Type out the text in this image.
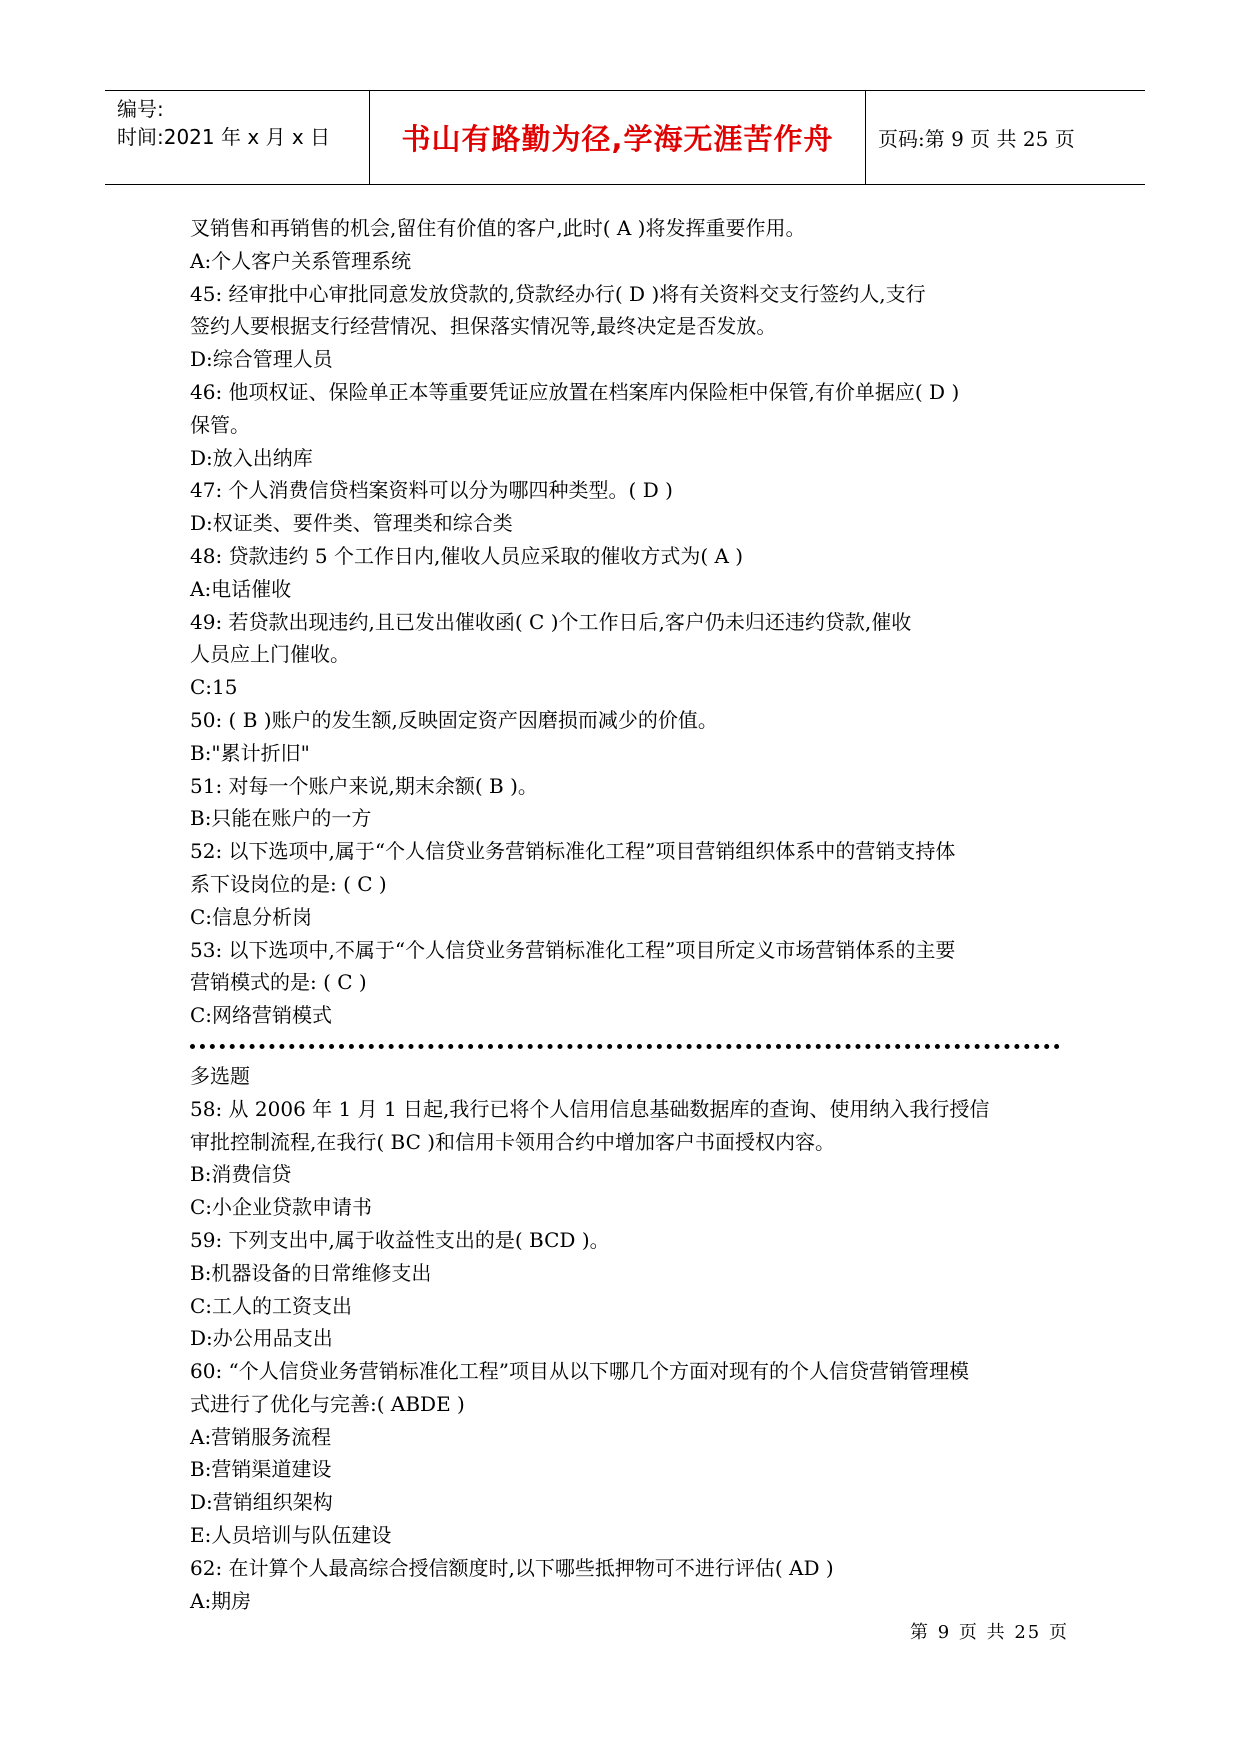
编号:
时间:2021 年 x 月 x 日	书山有路勤为径,学海无涯苦作舟 页码:第 9 页 共 25 页
叉销售和再销售的机会,留住有价值的客户,此时( A )将发挥重要作用。
A:个人客户关系管理系统
45: 经审批中心审批同意发放贷款的,贷款经办行( D )将有关资料交支行签约人,支行
签约人要根据支行经营情况、担保落实情况等,最终决定是否发放。
D:综合管理人员
46: 他项权证、保险单正本等重要凭证应放置在档案库内保险柜中保管,有价单据应( D )
保管。
D:放入出纳库
47: 个人消费信贷档案资料可以分为哪四种类型。( D )
D:权证类、要件类、管理类和综合类
48: 贷款违约 5 个工作日内,催收人员应采取的催收方式为( A )
A:电话催收
49: 若贷款出现违约,且已发出催收函( C )个工作日后,客户仍未归还违约贷款,催收
人员应上门催收。
C:15
50: ( B )账户的发生额,反映固定资产因磨损而减少的价值。
B:"累计折旧"
51: 对每一个账户来说,期末余额( B )。
B:只能在账户的一方
52: 以下选项中,属于“个人信贷业务营销标准化工程”项目营销组织体系中的营销支持体
系下设岗位的是: ( C )
C:信息分析岗
53: 以下选项中,不属于“个人信贷业务营销标准化工程”项目所定义市场营销体系的主要
营销模式的是: ( C )
C:网络营销模式
多选题
58: 从 2006 年 1 月 1 日起,我行已将个人信用信息基础数据库的查询、使用纳入我行授信
审批控制流程,在我行( BC )和信用卡领用合约中增加客户书面授权内容。
B:消费信贷
C:小企业贷款申请书
59: 下列支出中,属于收益性支出的是( BCD )。
B:机器设备的日常维修支出
C:工人的工资支出
D:办公用品支出
60: “个人信贷业务营销标准化工程”项目从以下哪几个方面对现有的个人信贷营销管理模
式进行了优化与完善:( ABDE )
A:营销服务流程
B:营销渠道建设
D:营销组织架构
E:人员培训与队伍建设
62: 在计算个人最高综合授信额度时,以下哪些抵押物可不进行评估( AD )
A:期房
第 9 页 共 25 页
